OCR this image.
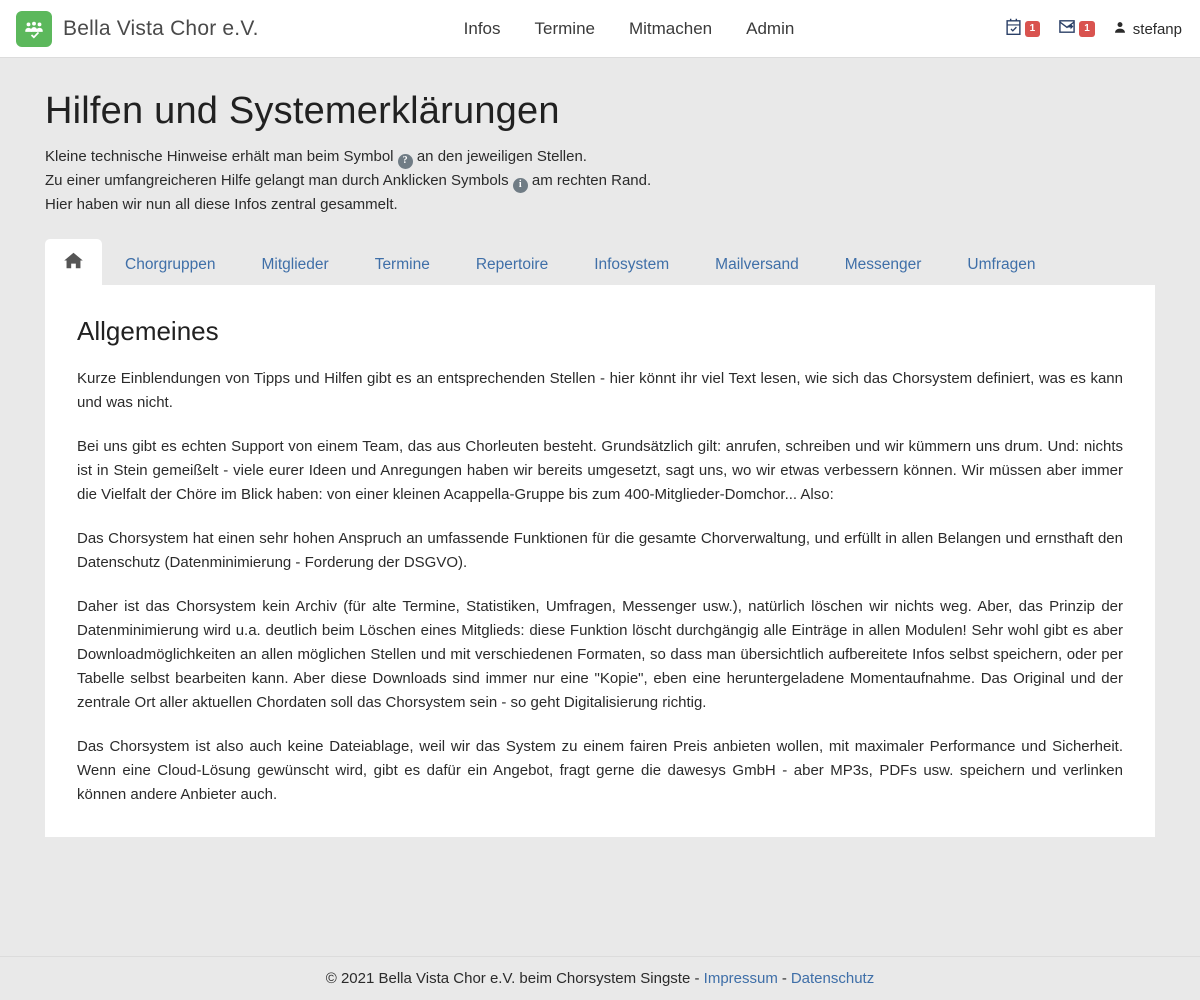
Bella Vista Chor e.V.	Infos Termine Mitmachen Admin	1	1	stefanp
Hilfen und Systemerklärungen

Kleine technische Hinweise erhält man beim Symbol ? an den jeweiligen Stellen.

Zu einer umfangreicheren Hilfe gelangt man durch Anklicken Symbols i am rechten Rand.

Hier haben wir nun all diese Infos zentral gesammelt.

Chorgruppen	Mitglieder	Termine	Repertoire	Infosystem	Mailversand	Messenger	Umfragen
Allgemeines

Kurze Einblendungen von Tipps und Hilfen gibt es an entsprechenden Stellen - hier könnt ihr viel Text lesen, wie sich das Chorsystem definiert, was es kann und was nicht.

Bei uns gibt es echten Support von einem Team, das aus Chorleuten besteht. Grundsätzlich gilt: anrufen, schreiben und wir kümmern uns drum. Und: nichts ist in Stein gemeißelt - viele eurer Ideen und Anregungen haben wir bereits umgesetzt, sagt uns, wo wir etwas verbessern können. Wir müssen aber immer die Vielfalt der Chöre im Blick haben: von einer kleinen Acappella-Gruppe bis zum 400-Mitglieder-Domchor... Also:

Das Chorsystem hat einen sehr hohen Anspruch an umfassende Funktionen für die gesamte Chorverwaltung, und erfüllt in allen Belangen und ernsthaft den Datenschutz (Datenminimierung - Forderung der DSGVO).

Daher ist das Chorsystem kein Archiv (für alte Termine, Statistiken, Umfragen, Messenger usw.), natürlich löschen wir nichts weg. Aber, das Prinzip der Datenminimierung wird u.a. deutlich beim Löschen eines Mitglieds: diese Funktion löscht durchgängig alle Einträge in allen Modulen! Sehr wohl gibt es aber Downloadmöglichkeiten an allen möglichen Stellen und mit verschiedenen Formaten, so dass man übersichtlich aufbereitete Infos selbst speichern, oder per Tabelle selbst bearbeiten kann. Aber diese Downloads sind immer nur eine "Kopie", eben eine heruntergeladene Momentaufnahme. Das Original und der zentrale Ort aller aktuellen Chordaten soll das Chorsystem sein - so geht Digitalisierung richtig.

Das Chorsystem ist also auch keine Dateiablage, weil wir das System zu einem fairen Preis anbieten wollen, mit maximaler Performance und Sicherheit. Wenn eine Cloud-Lösung gewünscht wird, gibt es dafür ein Angebot, fragt gerne die dawesys GmbH - aber MP3s, PDFs usw. speichern und verlinken können andere Anbieter auch.

© 2021 Bella Vista Chor e.V. beim Chorsystem Singste -
Impressum - Datenschutz
